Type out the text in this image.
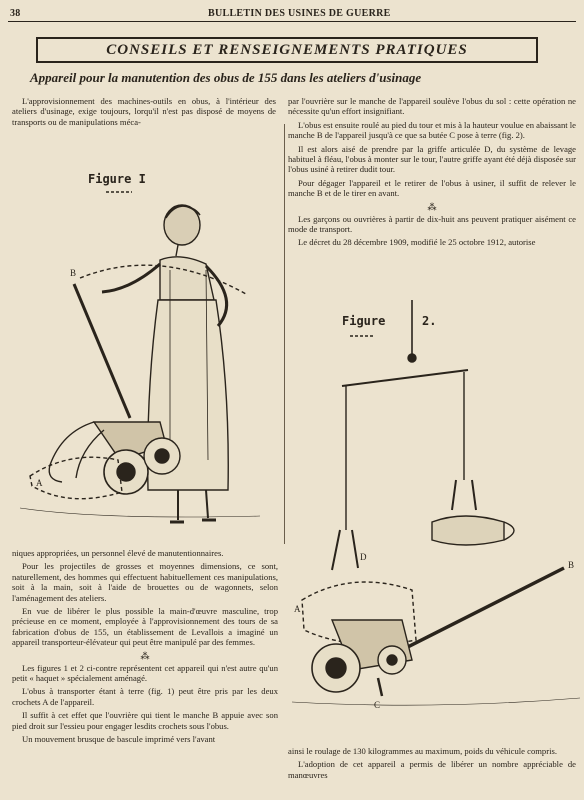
38	BULLETIN DES USINES DE GUERRE
CONSEILS ET RENSEIGNEMENTS PRATIQUES
Appareil pour la manutention des obus de 155 dans les ateliers d'usinage

L'approvisionnement des machines-outils en obus, à l'intérieur des ateliers d'usinage, exige toujours, lorqu'il n'est pas disposé de moyens de transports ou de manipulations méca-

par l'ouvrière sur le manche de l'appareil soulève l'obus du sol : cette opération ne nécessite qu'un effort insignifiant.

L'obus est ensuite roulé au pied du tour et mis à la hauteur voulue en abaissant le manche B de l'appareil jusqu'à ce que sa butée C pose à terre (fig. 2).

Il est alors aisé de prendre par la griffe articulée D, du système de levage habituel à fléau, l'obus à monter sur le tour, l'autre griffe ayant été déjà disposée sur l'obus usiné à retirer dudit tour.

Pour dégager l'appareil et le retirer de l'obus à usiner, il suffit de relever le manche B et de le tirer en avant.

⁂

Les garçons ou ouvrières à partir de dix-huit ans peuvent pratiquer aisément ce mode de transport.

Le décret du 28 décembre 1909, modifié le 25 octobre 1912, autorise

Figure I
B
A
Figure	2.
B
A
C
D

niques appropriées, un personnel élevé de manutentionnaires.

Pour les projectiles de grosses et moyennes dimensions, ce sont, naturellement, des hommes qui effectuent habituellement ces manipulations, soit à la main, soit à l'aide de brouettes ou de wagonnets, selon l'aménagement des ateliers.

En vue de libérer le plus possible la main-d'œuvre masculine, trop précieuse en ce moment, employée à l'approvisionnement des tours de sa fabrication d'obus de 155, un établissement de Levallois a imaginé un appareil transporteur-élévateur qui peut être manipulé par des femmes.

⁂

Les figures 1 et 2 ci-contre représentent cet appareil qui n'est autre qu'un petit « haquet » spécialement aménagé.

L'obus à transporter étant à terre (fig. 1) peut être pris par les deux crochets A de l'appareil.

Il suffit à cet effet que l'ouvrière qui tient le manche B appuie avec son pied droit sur l'essieu pour engager lesdits crochets sous l'obus.

Un mouvement brusque de bascule imprimé vers l'avant

ainsi le roulage de 130 kilogrammes au maximum, poids du véhicule compris.

L'adoption de cet appareil a permis de libérer un nombre appréciable de manœuvres
